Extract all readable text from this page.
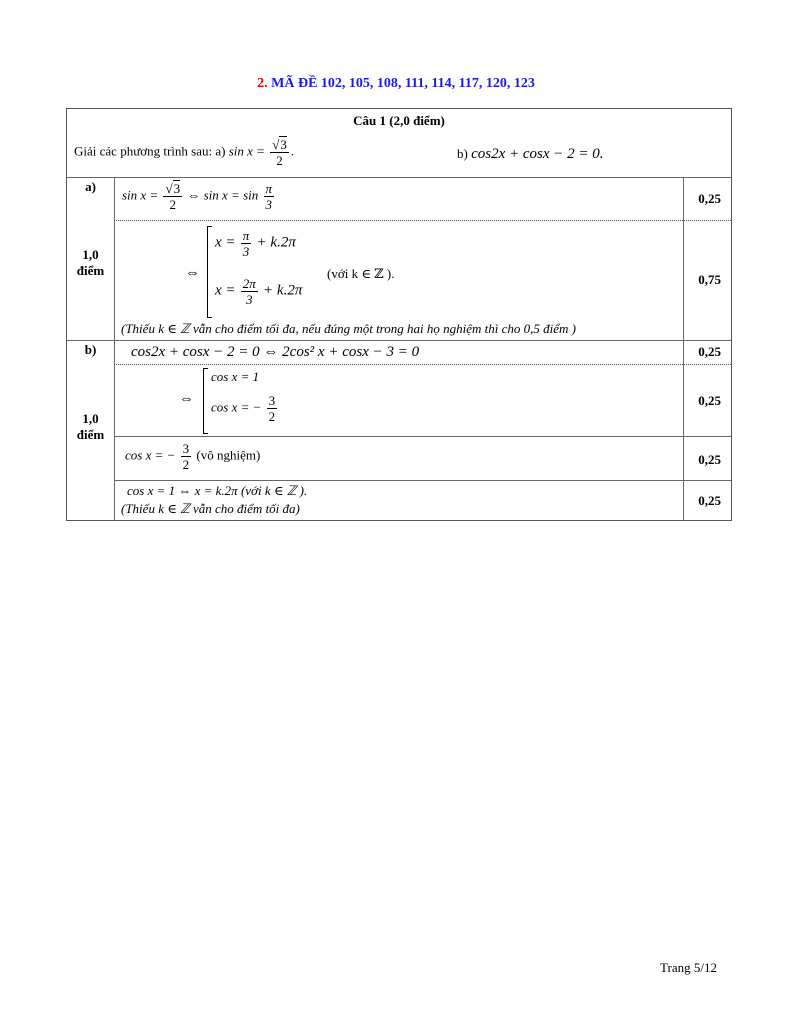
2. MÃ ĐỀ 102, 105, 108, 111, 114, 117, 120, 123
Câu 1 (2,0 điểm)
Giải các phương trình sau: a) $\sin x = \frac{√3}{2}$ .	b) cos2x + cosx − 2 = 0.
a)
1,0
điểm
$\sin x = \frac{√3}{2}$ ⇔ $\sin x = \sin \frac{\pi}{3}$	0,25
⇔
$x = \frac{\pi}{3} + k.2\pi$
$x = \frac{2\pi}{3} + k.2\pi$
(với k ∈ ℤ ).	0,75
(Thiếu k ∈ ℤ vẫn cho điểm tối đa, nếu đúng một trong hai họ nghiệm thì cho 0,5 điểm )
b)
1,0
điểm
cos2x + cosx − 2 = 0 ⇔ 2cos² x + cosx − 3 = 0	0,25
⇔
cos x = 1
cos x = − $\frac{3}{2}$	0,25
cos x = − $\frac{3}{2}$ (vô nghiệm)	0,25
cos x = 1 ⇔ x = k.2π (với k ∈ ℤ ).
(Thiếu k ∈ ℤ vẫn cho điểm tối đa)
0,25
Trang 5/12
